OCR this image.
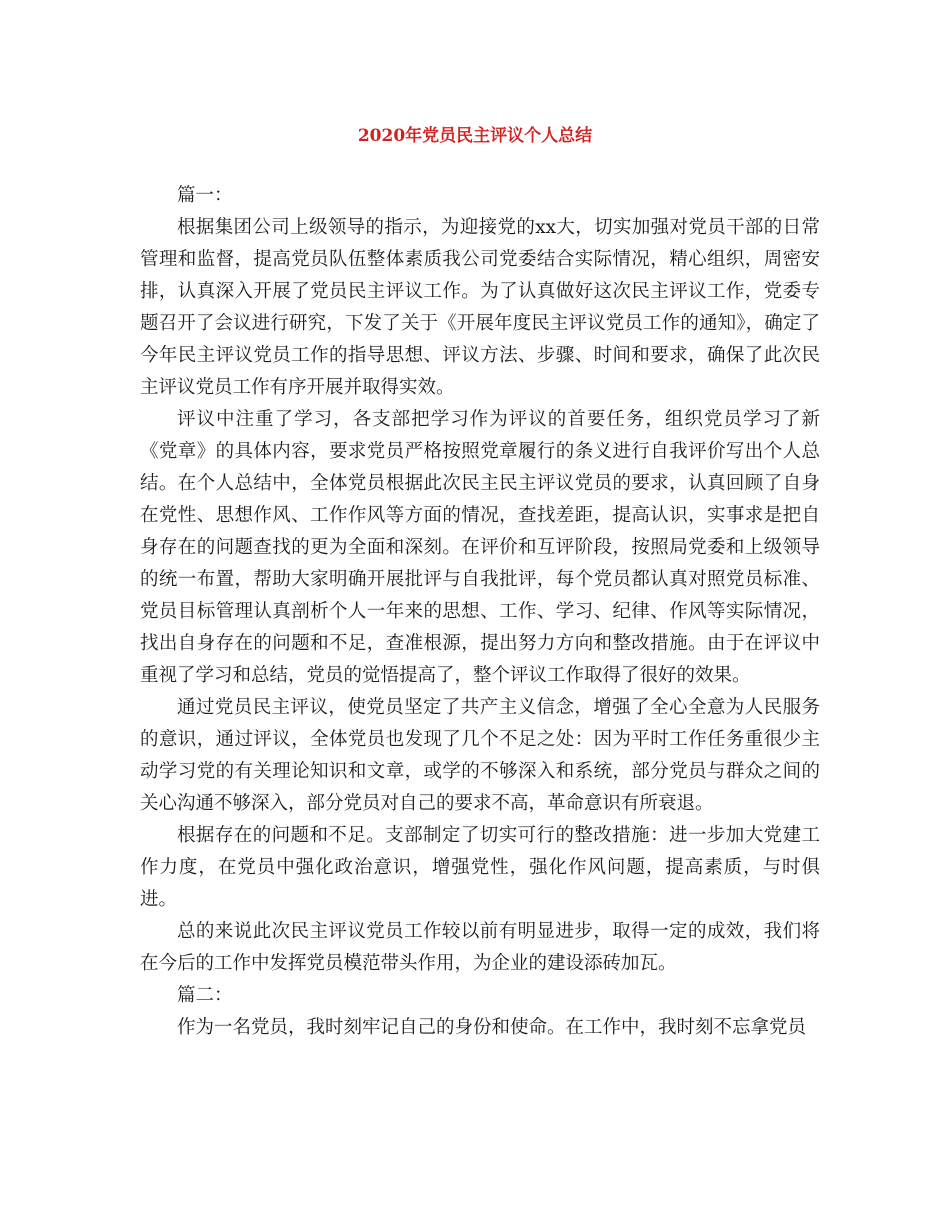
2020年党员民主评议个人总结

篇一：

根据集团公司上级领导的指示，为迎接党的xx大，切实加强对党员干部的日常管理和监督，提高党员队伍整体素质我公司党委结合实际情况，精心组织，周密安排，认真深入开展了党员民主评议工作。为了认真做好这次民主评议工作，党委专题召开了会议进行研究，下发了关于《开展年度民主评议党员工作的通知》，确定了今年民主评议党员工作的指导思想、评议方法、步骤、时间和要求，确保了此次民主评议党员工作有序开展并取得实效。

评议中注重了学习，各支部把学习作为评议的首要任务，组织党员学习了新《党章》的具体内容，要求党员严格按照党章履行的条义进行自我评价写出个人总结。在个人总结中，全体党员根据此次民主民主评议党员的要求，认真回顾了自身在党性、思想作风、工作作风等方面的情况，查找差距，提高认识，实事求是把自身存在的问题查找的更为全面和深刻。在评价和互评阶段，按照局党委和上级领导的统一布置，帮助大家明确开展批评与自我批评，每个党员都认真对照党员标准、党员目标管理认真剖析个人一年来的思想、工作、学习、纪律、作风等实际情况，找出自身存在的问题和不足，查准根源，提出努力方向和整改措施。由于在评议中重视了学习和总结，党员的觉悟提高了，整个评议工作取得了很好的效果。

通过党员民主评议，使党员坚定了共产主义信念，增强了全心全意为人民服务的意识，通过评议，全体党员也发现了几个不足之处：因为平时工作任务重很少主动学习党的有关理论知识和文章，或学的不够深入和系统，部分党员与群众之间的关心沟通不够深入，部分党员对自己的要求不高，革命意识有所衰退。

根据存在的问题和不足。支部制定了切实可行的整改措施：进一步加大党建工作力度，在党员中强化政治意识，增强党性，强化作风问题，提高素质，与时俱进。

总的来说此次民主评议党员工作较以前有明显进步，取得一定的成效，我们将在今后的工作中发挥党员模范带头作用，为企业的建设添砖加瓦。

篇二：

作为一名党员，我时刻牢记自己的身份和使命。在工作中，我时刻不忘拿党员
